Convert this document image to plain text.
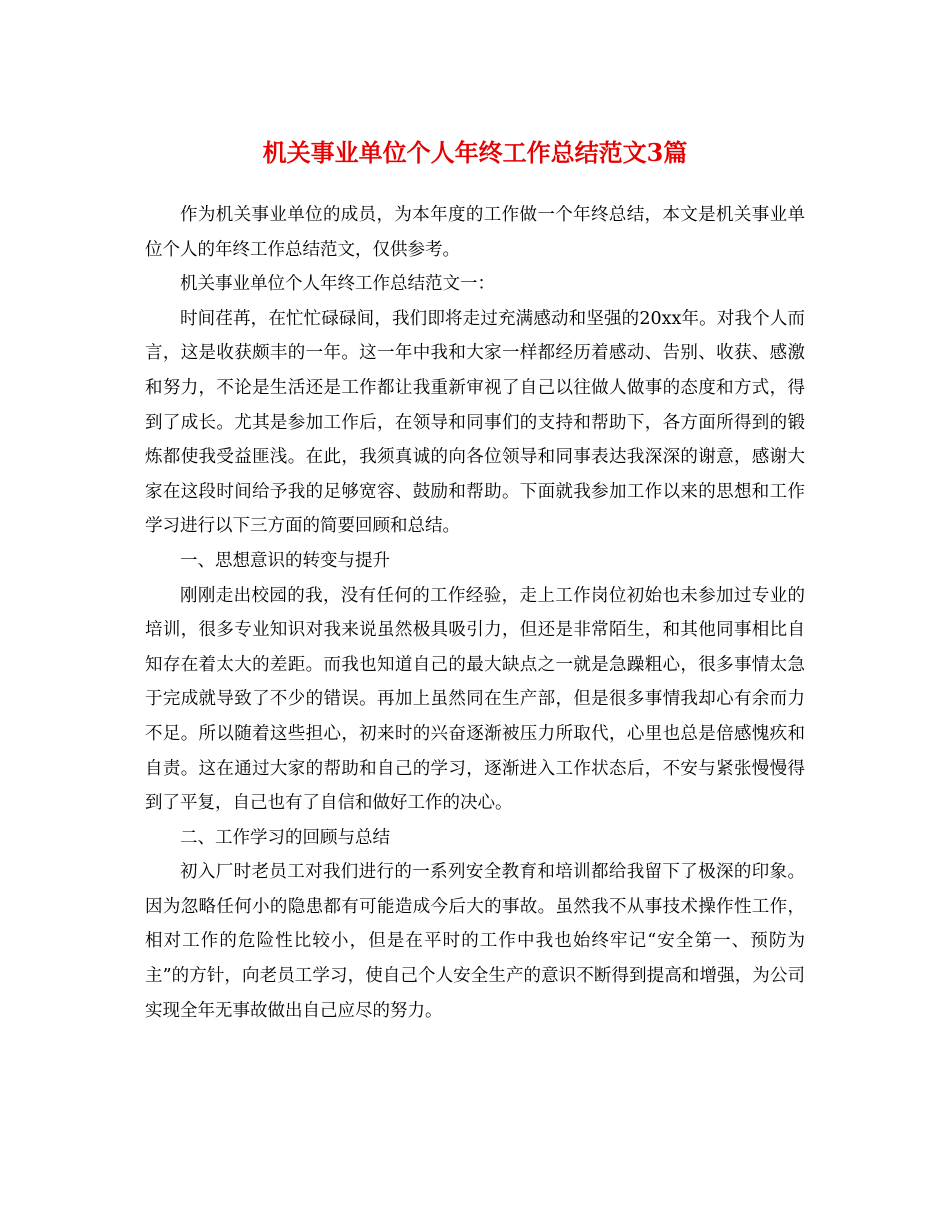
机关事业单位个人年终工作总结范文3篇

作为机关事业单位的成员，为本年度的工作做一个年终总结，本文是机关事业单位个人的年终工作总结范文，仅供参考。

机关事业单位个人年终工作总结范文一：

时间荏苒，在忙忙碌碌间，我们即将走过充满感动和坚强的20xx年。对我个人而言，这是收获颇丰的一年。这一年中我和大家一样都经历着感动、告别、收获、感激和努力，不论是生活还是工作都让我重新审视了自己以往做人做事的态度和方式，得到了成长。尤其是参加工作后，在领导和同事们的支持和帮助下，各方面所得到的锻炼都使我受益匪浅。在此，我须真诚的向各位领导和同事表达我深深的谢意，感谢大家在这段时间给予我的足够宽容、鼓励和帮助。下面就我参加工作以来的思想和工作学习进行以下三方面的简要回顾和总结。

一、思想意识的转变与提升

刚刚走出校园的我，没有任何的工作经验，走上工作岗位初始也未参加过专业的培训，很多专业知识对我来说虽然极具吸引力，但还是非常陌生，和其他同事相比自知存在着太大的差距。而我也知道自己的最大缺点之一就是急躁粗心，很多事情太急于完成就导致了不少的错误。再加上虽然同在生产部，但是很多事情我却心有余而力不足。所以随着这些担心，初来时的兴奋逐渐被压力所取代，心里也总是倍感愧疚和自责。这在通过大家的帮助和自己的学习，逐渐进入工作状态后，不安与紧张慢慢得到了平复，自己也有了自信和做好工作的决心。

二、工作学习的回顾与总结

初入厂时老员工对我们进行的一系列安全教育和培训都给我留下了极深的印象。因为忽略任何小的隐患都有可能造成今后大的事故。虽然我不从事技术操作性工作，相对工作的危险性比较小，但是在平时的工作中我也始终牢记“安全第一、预防为主”的方针，向老员工学习，使自己个人安全生产的意识不断得到提高和增强，为公司实现全年无事故做出自己应尽的努力。
